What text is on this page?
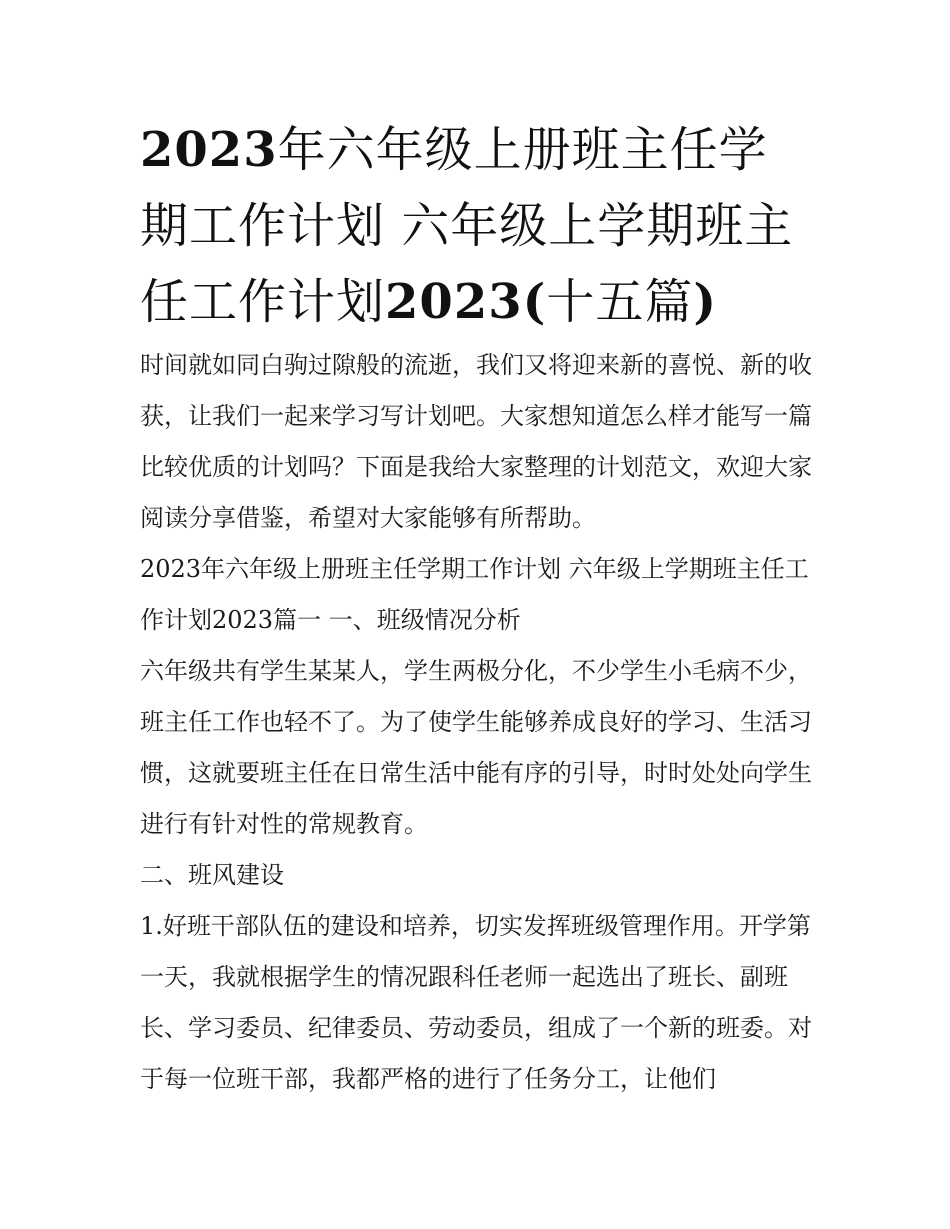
2023年六年级上册班主任学期工作计划 六年级上学期班主任工作计划2023(十五篇)

时间就如同白驹过隙般的流逝，我们又将迎来新的喜悦、新的收获，让我们一起来学习写计划吧。大家想知道怎么样才能写一篇比较优质的计划吗？下面是我给大家整理的计划范文，欢迎大家阅读分享借鉴，希望对大家能够有所帮助。

2023年六年级上册班主任学期工作计划 六年级上学期班主任工作计划2023篇一 一、班级情况分析

六年级共有学生某某人，学生两极分化，不少学生小毛病不少，班主任工作也轻不了。为了使学生能够养成良好的学习、生活习惯，这就要班主任在日常生活中能有序的引导，时时处处向学生进行有针对性的常规教育。

二、班风建设

1.好班干部队伍的建设和培养，切实发挥班级管理作用。开学第一天，我就根据学生的情况跟科任老师一起选出了班长、副班长、学习委员、纪律委员、劳动委员，组成了一个新的班委。对于每一位班干部，我都严格的进行了任务分工，让他们
